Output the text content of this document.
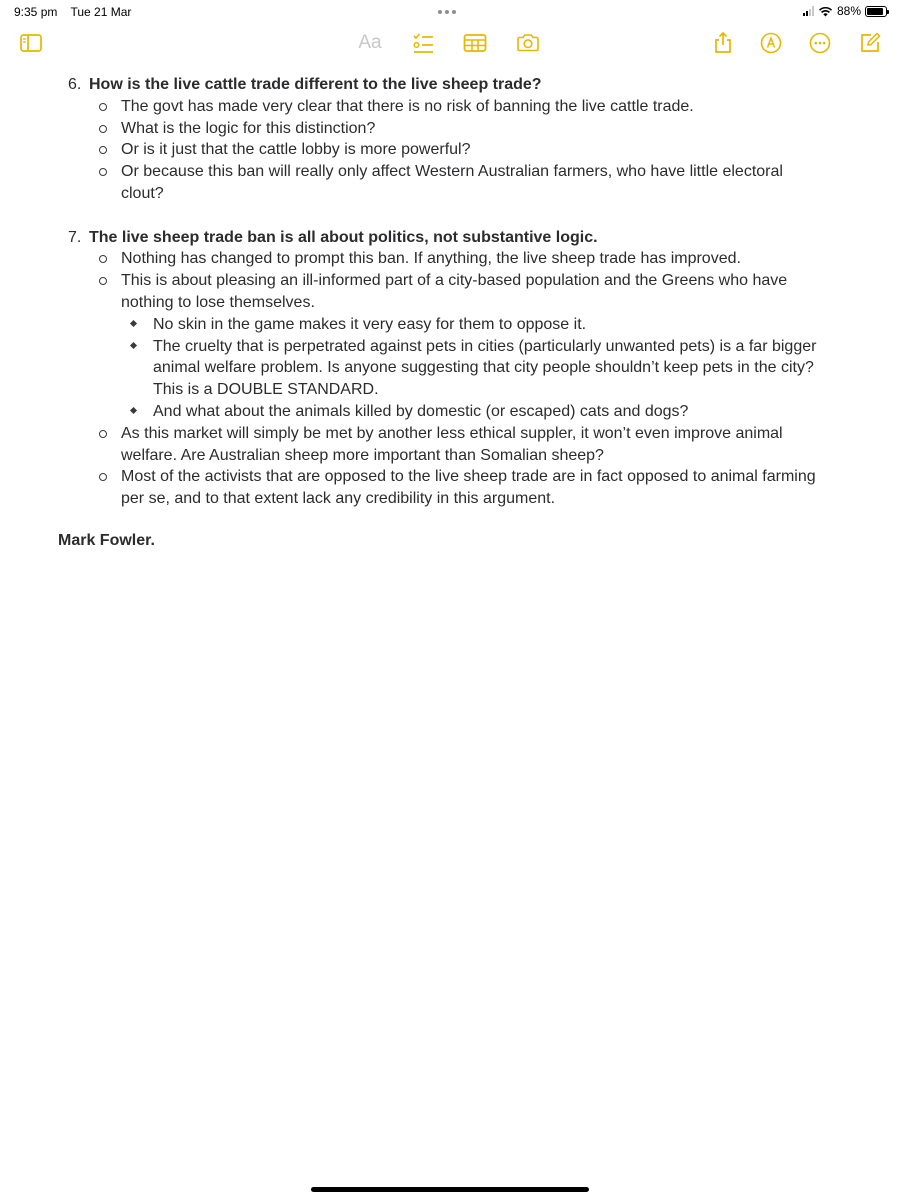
9:35 pm Tue 21 Mar	88%
Aa
6. How is the live cattle trade different to the live sheep trade?
The govt has made very clear that there is no risk of banning the live cattle trade.
What is the logic for this distinction?
Or is it just that the cattle lobby is more powerful?
Or because this ban will really only affect Western Australian farmers, who have little electoral clout?
7. The live sheep trade ban is all about politics, not substantive logic.
Nothing has changed to prompt this ban. If anything, the live sheep trade has improved.
This is about pleasing an ill-informed part of a city-based population and the Greens who have nothing to lose themselves.
No skin in the game makes it very easy for them to oppose it.
The cruelty that is perpetrated against pets in cities (particularly unwanted pets) is a far bigger animal welfare problem. Is anyone suggesting that city people shouldn’t keep pets in the city? This is a DOUBLE STANDARD.
And what about the animals killed by domestic (or escaped) cats and dogs?
As this market will simply be met by another less ethical suppler, it won’t even improve animal welfare. Are Australian sheep more important than Somalian sheep?
Most of the activists that are opposed to the live sheep trade are in fact opposed to animal farming per se, and to that extent lack any credibility in this argument.
Mark Fowler.
